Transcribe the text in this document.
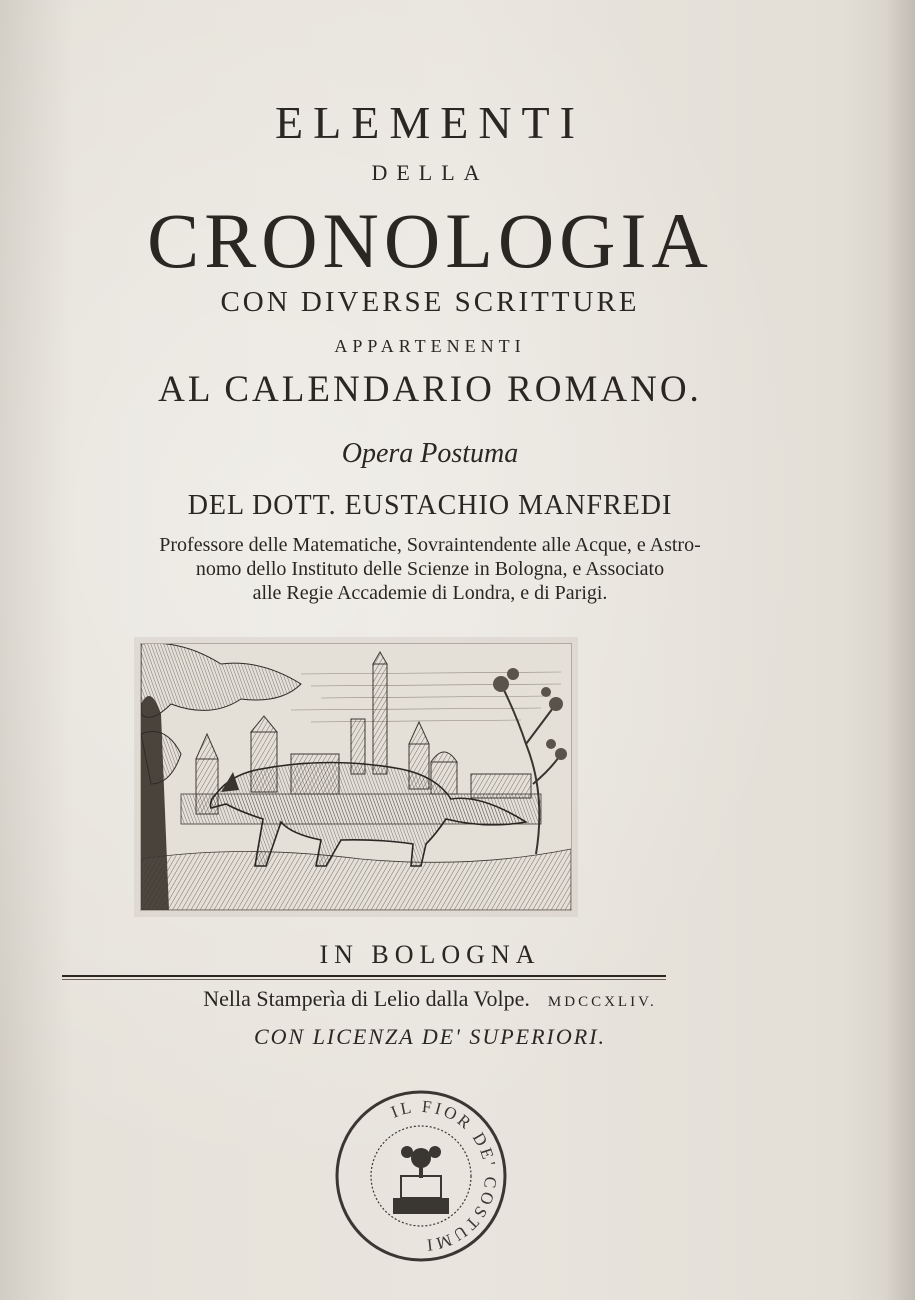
ELEMENTI
DELLA
CRONOLOGIA
CON DIVERSE SCRITTURE
APPARTENENTI
AL CALENDARIO ROMANO.
Opera Postuma
DEL DOTT. EUSTACHIO MANFREDI
Professore delle Matematiche, Sovraintendente alle Acque, e Astro-
nomo dello Instituto delle Scienze in Bologna, e Associato
alle Regie Accademie di Londra, e di Parigi.
IN BOLOGNA
Nella Stamperìa di Lelio dalla Volpe. MDCCXLIV.
CON LICENZA DE' SUPERIORI.
IL FIOR DE' COSTUMI
